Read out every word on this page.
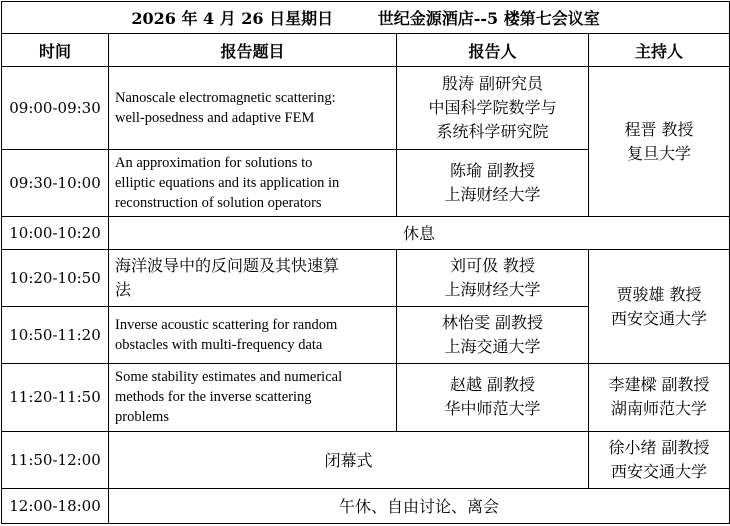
2026 年 4 月 26 日星期日 世纪金源酒店--5 楼第七会议室			
时间	报告题目	报告人	主持人
09:00-09:30	Nanoscale electromagnetic scattering:
well-posedness and adaptive FEM	殷涛 副研究员
中国科学院数学与
系统科学研究院	程晋 教授
复旦大学

09:30-10:00	An approximation for solutions to
elliptic equations and its application in
reconstruction of solution operators	陈瑜 副教授
上海财经大学	

10:00-10:20	休息		
10:20-10:50	海洋波导中的反问题及其快速算
法	刘可伋 教授
上海财经大学	贾骏雄 教授
西安交通大学

10:50-11:20	Inverse acoustic scattering for random
obstacles with multi-frequency data	林怡雯 副教授
上海交通大学	

11:20-11:50	Some stability estimates and numerical
methods for the inverse scattering
problems	赵越 副教授
华中师范大学	李建樑 副教授
湖南师范大学

11:50-12:00	闭幕式		徐小绪 副教授
西安交通大学

12:00-18:00	午休、自由讨论、离会		
